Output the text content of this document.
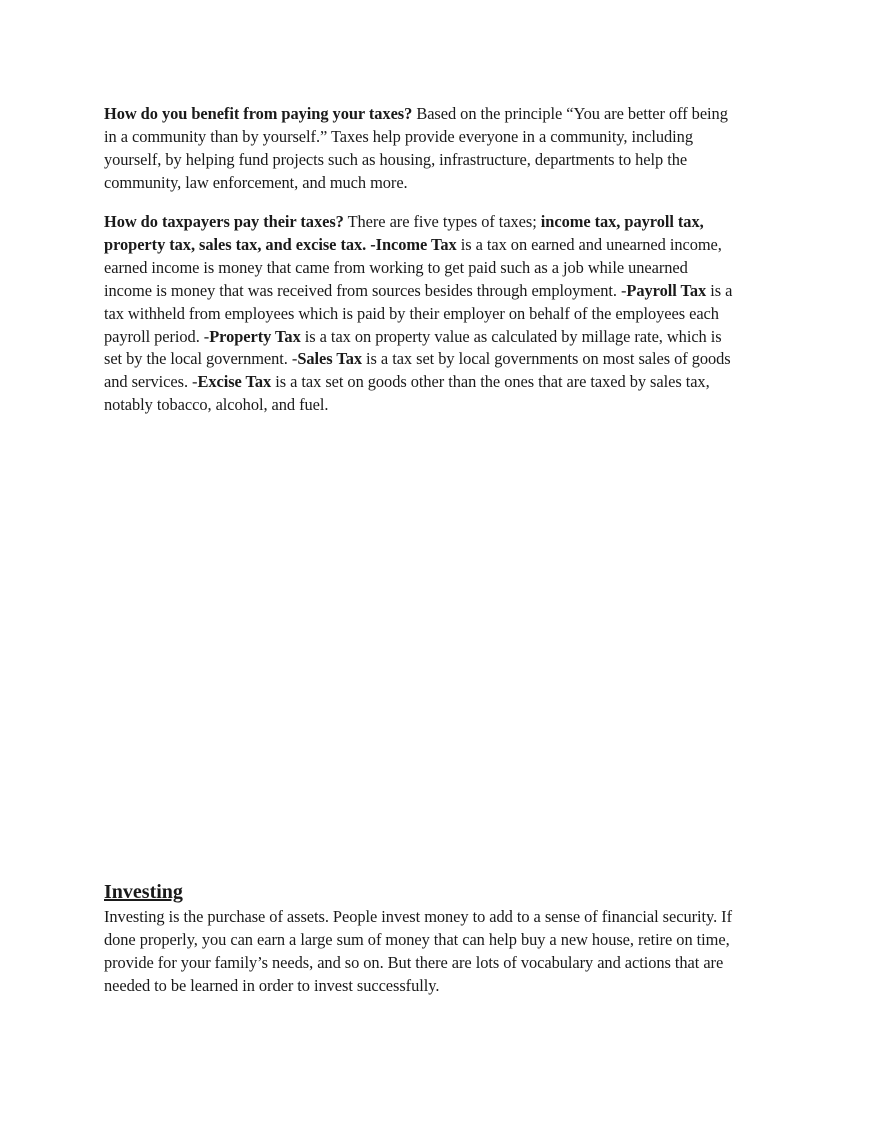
How do you benefit from paying your taxes? Based on the principle “You are better off being
in a community than by yourself.” Taxes help provide everyone in a community, including
yourself, by helping fund projects such as housing, infrastructure, departments to help the
community, law enforcement, and much more.
How do taxpayers pay their taxes? There are five types of taxes; income tax, payroll tax,
property tax, sales tax, and excise tax. -Income Tax is a tax on earned and unearned income,
earned income is money that came from working to get paid such as a job while unearned
income is money that was received from sources besides through employment. -Payroll Tax is a
tax withheld from employees which is paid by their employer on behalf of the employees each
payroll period. -Property Tax is a tax on property value as calculated by millage rate, which is
set by the local government. -Sales Tax is a tax set by local governments on most sales of goods
and services. -Excise Tax is a tax set on goods other than the ones that are taxed by sales tax,
notably tobacco, alcohol, and fuel.
Investing
Investing is the purchase of assets. People invest money to add to a sense of financial security. If
done properly, you can earn a large sum of money that can help buy a new house, retire on time,
provide for your family’s needs, and so on. But there are lots of vocabulary and actions that are
needed to be learned in order to invest successfully.
